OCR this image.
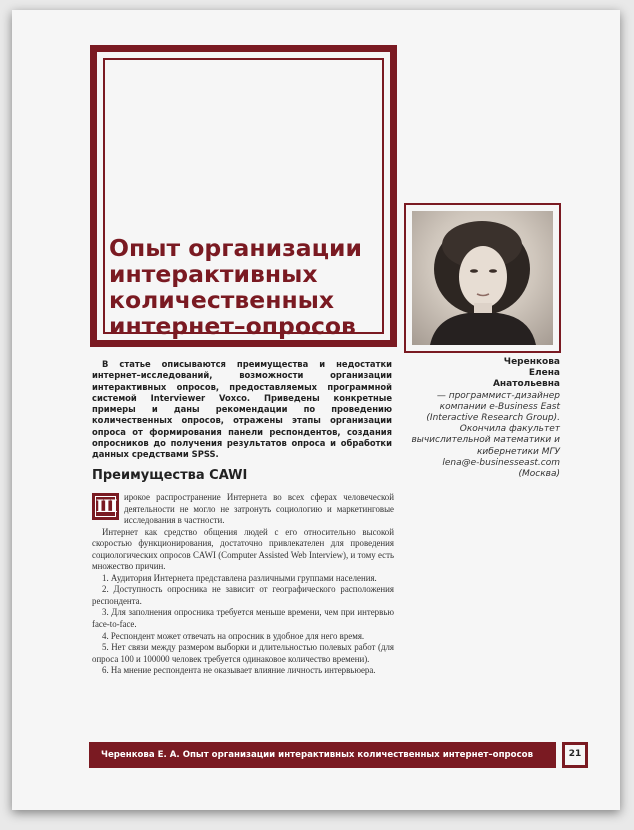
Опыт организации интерактивных количественных интернет–опросов
Черенкова
Елена
Анатольевна
— программист-дизайнер компании e-Business East (Interactive Research Group). Окончила факультет вычислительной математики и кибернетики МГУ
lena@e-businesseast.com
(Москва)

В статье описываются преимущества и недостатки интернет–исследований, возможности организации интерактивных опросов, предоставляемых программной системой Interviewer Voxco. Приведены конкретные примеры и даны рекомендации по проведению количественных опросов, отражены этапы организации опроса от формирования панели респондентов, создания опросников до получения результатов опроса и обработки данных средствами SPSS.

Преимущества CAWI

Ш ирокое распространение Интернета во всех сферах человеческой деятельности не могло не затронуть социологию и маркетинговые исследования в частности.

Интернет как средство общения людей с его относительно высокой скоростью функционирования, достаточно привлекателен для проведения социологических опросов CAWI (Computer Assisted Web Interview), и тому есть множество причин.

1. Аудитория Интернета представлена различными группами населения.

2. Доступность опросника не зависит от географического расположения респондента.

3. Для заполнения опросника требуется меньше времени, чем при интервью face-to-face.

4. Респондент может отвечать на опросник в удобное для него время.

5. Нет связи между размером выборки и длительностью полевых работ (для опроса 100 и 100000 человек требуется одинаковое количество времени).

6. На мнение респондента не оказывает влияние личность интервьюера.

Черенкова Е. А. Опыт организации интерактивных количественных интернет–опросов	21
